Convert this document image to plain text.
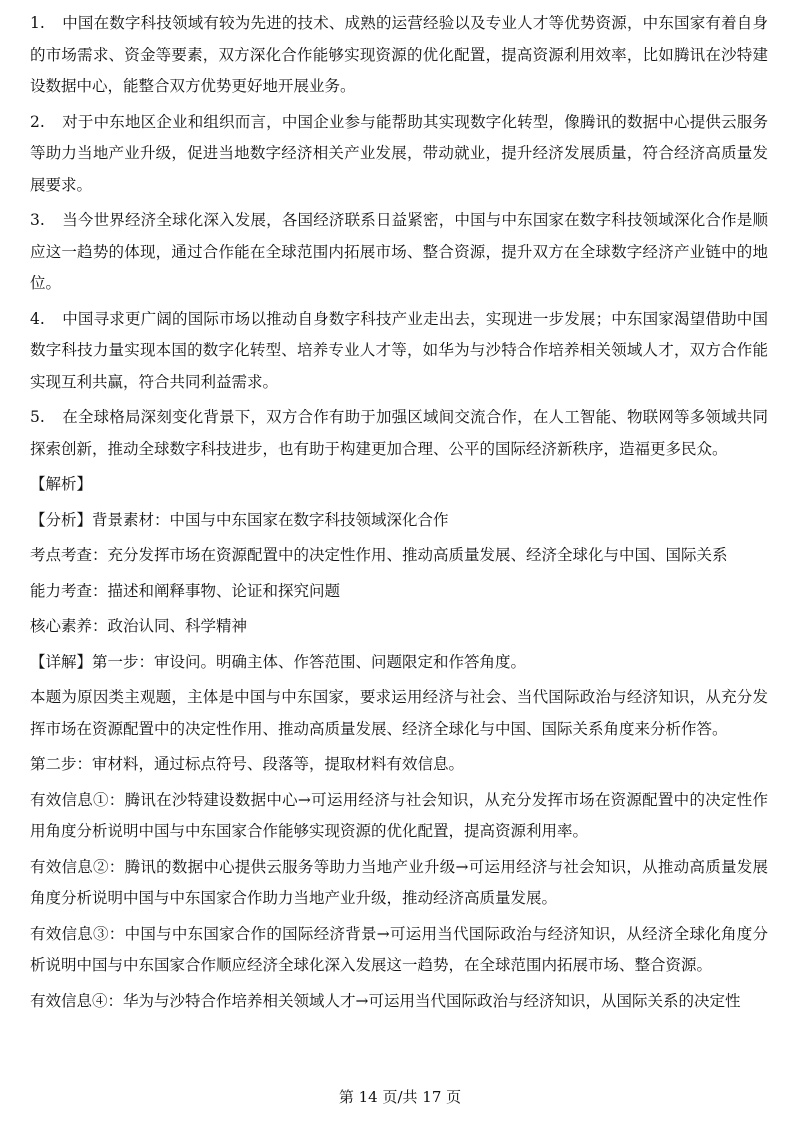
1. 中国在数字科技领域有较为先进的技术、成熟的运营经验以及专业人才等优势资源，中东国家有着自身的市场需求、资金等要素，双方深化合作能够实现资源的优化配置，提高资源利用效率，比如腾讯在沙特建设数据中心，能整合双方优势更好地开展业务。

2. 对于中东地区企业和组织而言，中国企业参与能帮助其实现数字化转型，像腾讯的数据中心提供云服务等助力当地产业升级，促进当地数字经济相关产业发展，带动就业，提升经济发展质量，符合经济高质量发展要求。

3. 当今世界经济全球化深入发展，各国经济联系日益紧密，中国与中东国家在数字科技领域深化合作是顺应这一趋势的体现，通过合作能在全球范围内拓展市场、整合资源，提升双方在全球数字经济产业链中的地位。

4. 中国寻求更广阔的国际市场以推动自身数字科技产业走出去，实现进一步发展；中东国家渴望借助中国数字科技力量实现本国的数字化转型、培养专业人才等，如华为与沙特合作培养相关领域人才，双方合作能实现互利共赢，符合共同利益需求。

5. 在全球格局深刻变化背景下，双方合作有助于加强区域间交流合作，在人工智能、物联网等多领域共同探索创新，推动全球数字科技进步，也有助于构建更加合理、公平的国际经济新秩序，造福更多民众。

【解析】
【分析】背景素材：中国与中东国家在数字科技领域深化合作
考点考查：充分发挥市场在资源配置中的决定性作用、推动高质量发展、经济全球化与中国、国际关系
能力考查：描述和阐释事物、论证和探究问题
核心素养：政治认同、科学精神
【详解】第一步：审设问。明确主体、作答范围、问题限定和作答角度。

本题为原因类主观题，主体是中国与中东国家，要求运用经济与社会、当代国际政治与经济知识，从充分发挥市场在资源配置中的决定性作用、推动高质量发展、经济全球化与中国、国际关系角度来分析作答。

第二步：审材料，通过标点符号、段落等，提取材料有效信息。

有效信息①：腾讯在沙特建设数据中心→可运用经济与社会知识，从充分发挥市场在资源配置中的决定性作用角度分析说明中国与中东国家合作能够实现资源的优化配置，提高资源利用率。

有效信息②：腾讯的数据中心提供云服务等助力当地产业升级→可运用经济与社会知识，从推动高质量发展角度分析说明中国与中东国家合作助力当地产业升级，推动经济高质量发展。

有效信息③：中国与中东国家合作的国际经济背景→可运用当代国际政治与经济知识，从经济全球化角度分析说明中国与中东国家合作顺应经济全球化深入发展这一趋势，在全球范围内拓展市场、整合资源。

有效信息④：华为与沙特合作培养相关领域人才→可运用当代国际政治与经济知识，从国际关系的决定性

第 14 页/共 17 页
